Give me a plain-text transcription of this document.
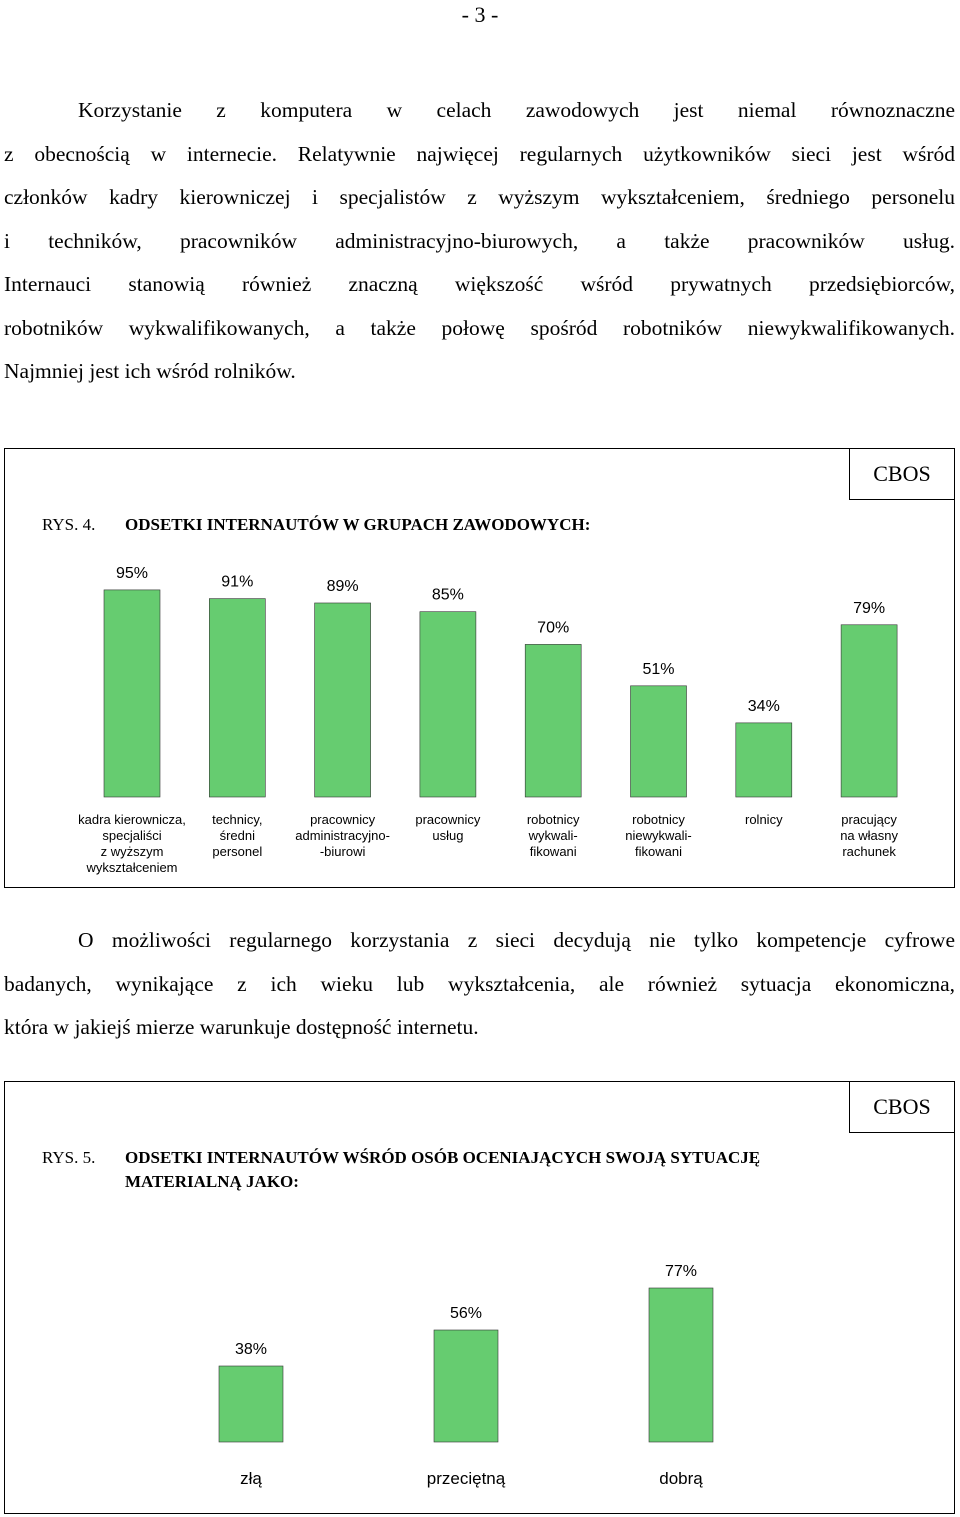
- 3 -
Korzystanie z komputera w celach zawodowych jest niemal równoznaczne
z obecnością w internecie. Relatywnie najwięcej regularnych użytkowników sieci jest wśród
członków kadry kierowniczej i specjalistów z wyższym wykształceniem, średniego personelu
i techników, pracowników administracyjno-biurowych, a także pracowników usług.
Internauci stanowią również znaczną większość wśród prywatnych przedsiębiorców,
robotników wykwalifikowanych, a także połowę spośród robotników niewykwalifikowanych.
Najmniej jest ich wśród rolników.
CBOS
RYS. 4. ODSETKI INTERNAUTÓW W GRUPACH ZAWODOWYCH:
95%
kadra kierownicza,
specjaliści
z wyższym
wykształceniem
91%
technicy,
średni
personel
89%
pracownicy
administracyjno-
-biurowi
85%
pracownicy
usług
70%
robotnicy
wykwali-
fikowani
51%
robotnicy
niewykwali-
fikowani
34%
rolnicy
79%
pracujący
na własny
rachunek
O możliwości regularnego korzystania z sieci decydują nie tylko kompetencje cyfrowe
badanych, wynikające z ich wieku lub wykształcenia, ale również sytuacja ekonomiczna,
która w jakiejś mierze warunkuje dostępność internetu.
CBOS
RYS. 5. ODSETKI INTERNAUTÓW WŚRÓD OSÓB OCENIAJĄCYCH SWOJĄ SYTUACJĘ
MATERIALNĄ JAKO:
38%
złą
56%
przeciętną
77%
dobrą
